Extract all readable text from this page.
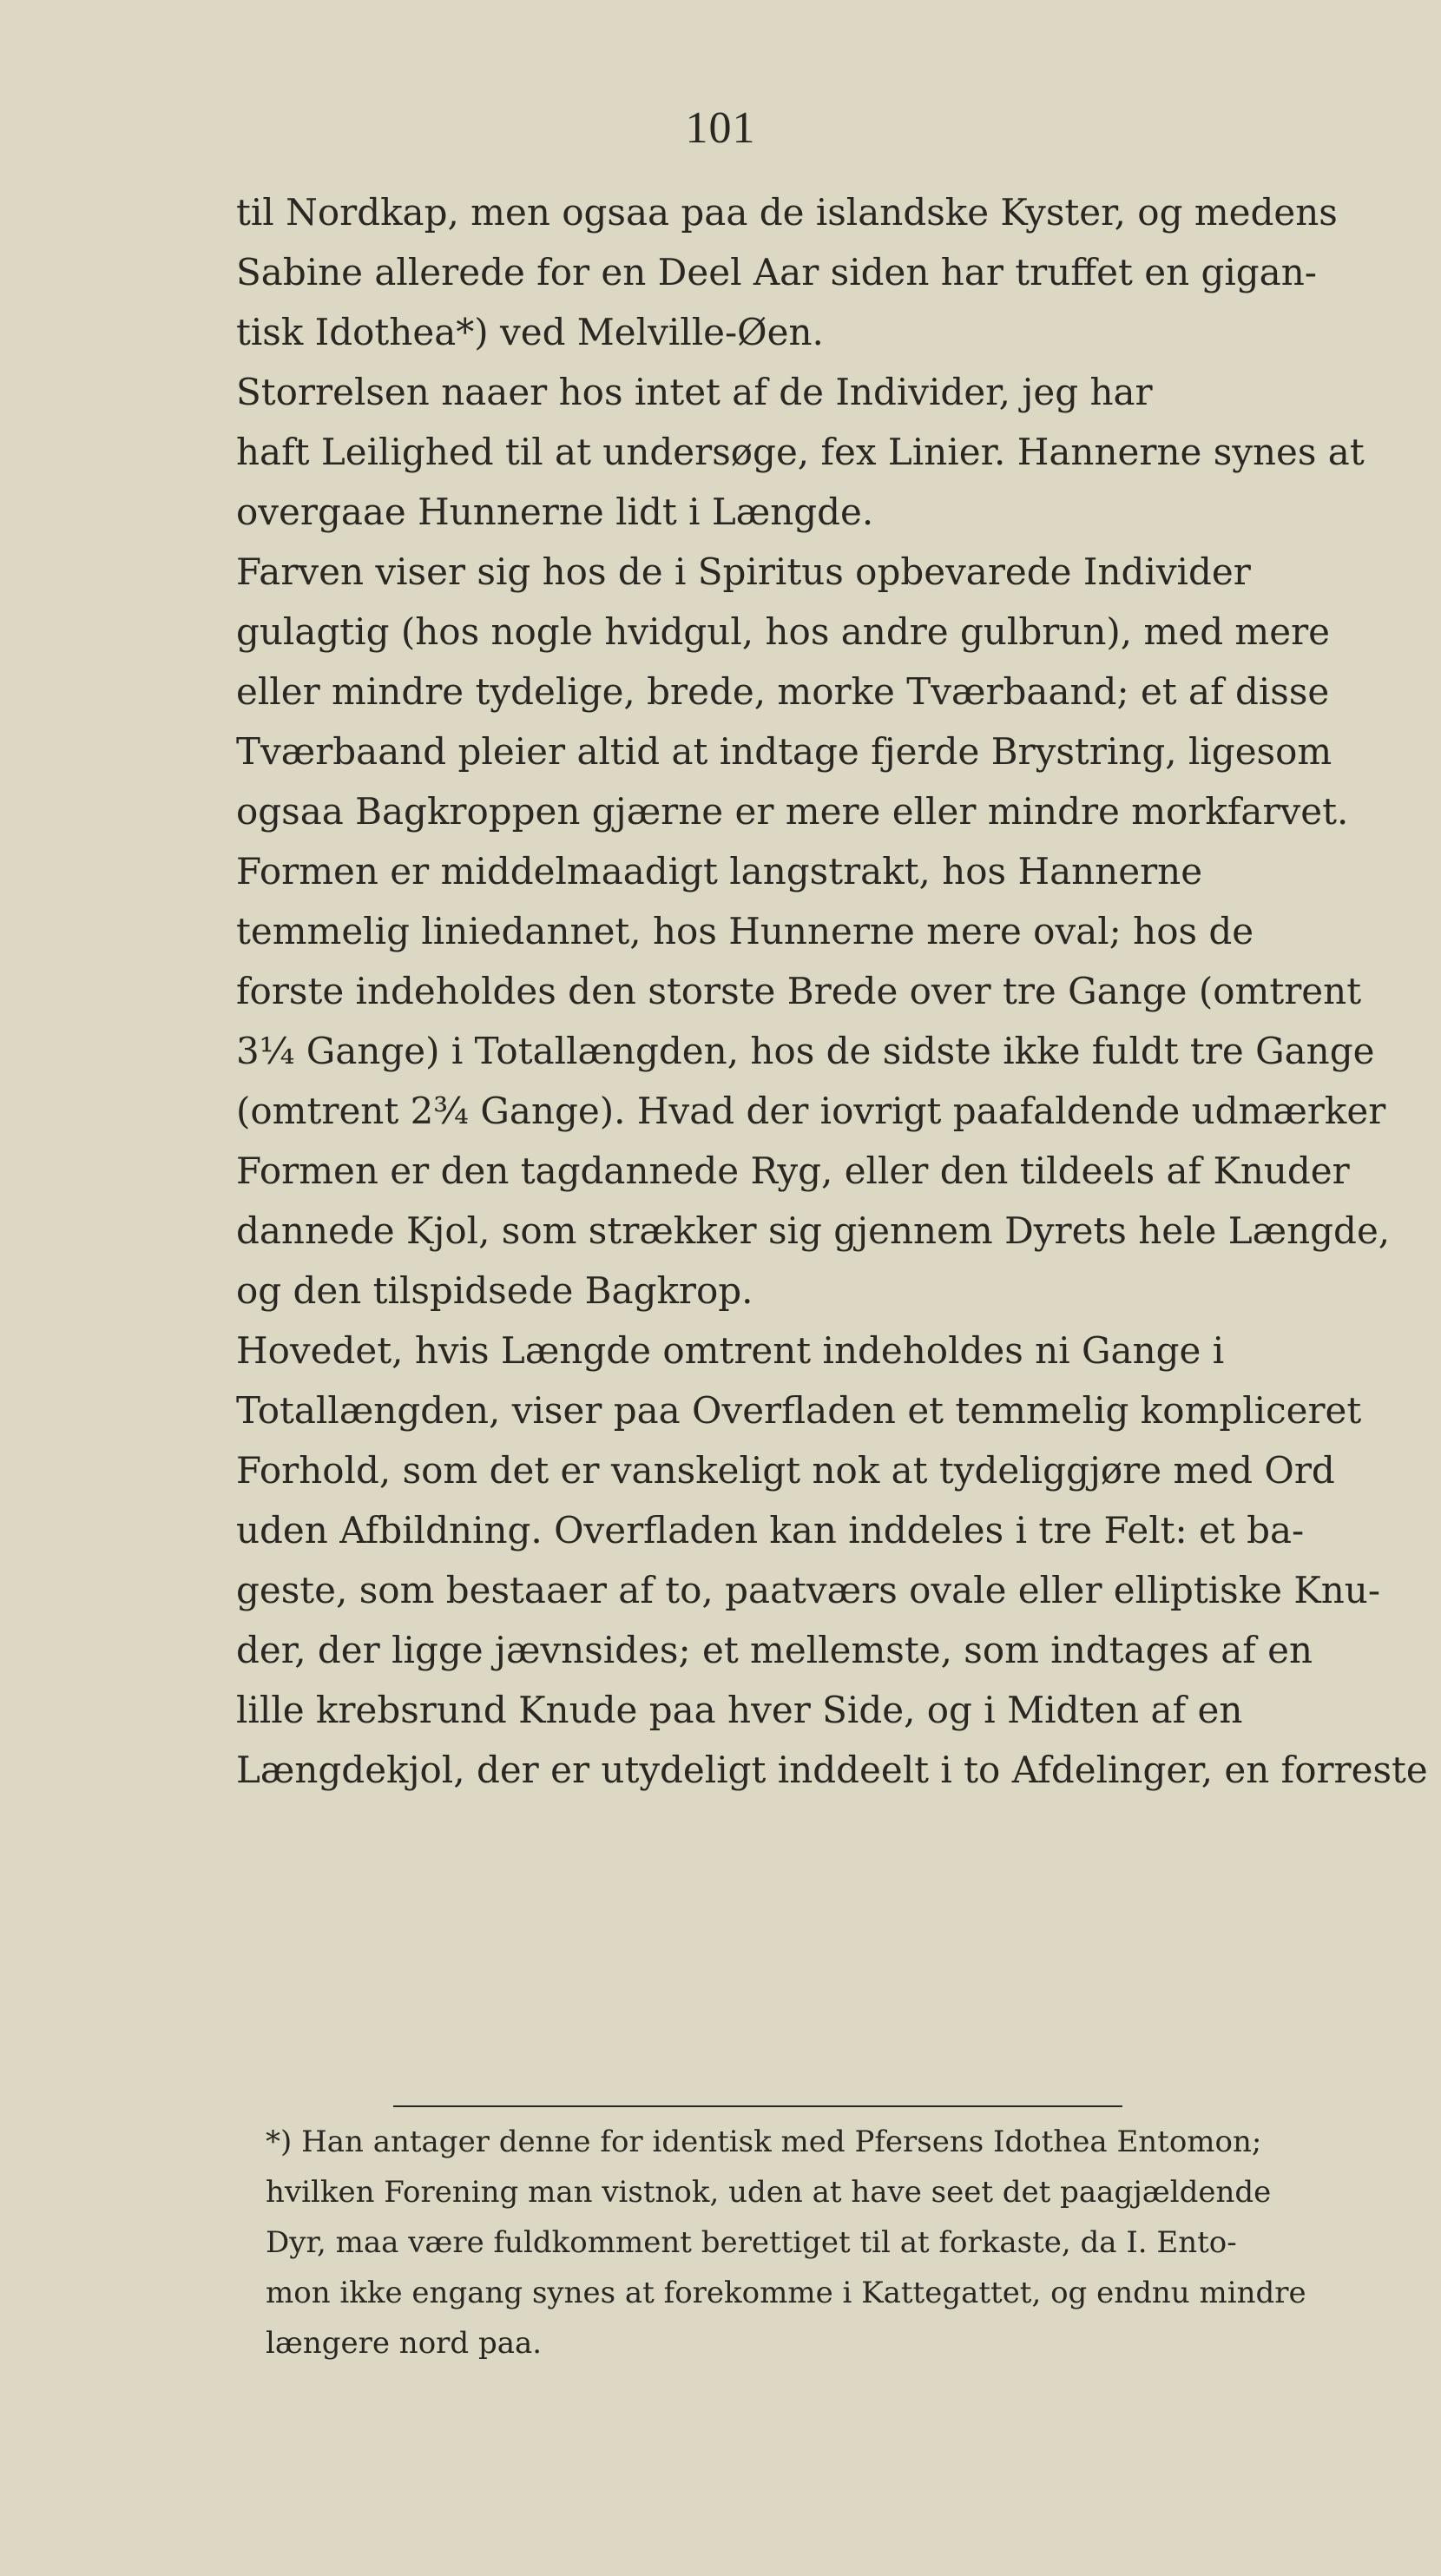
101
til Nordkap, men ogsaa paa de islandske Kyster, og medens
Sabine allerede for en Deel Aar siden har truffet en gigan-
tisk Idothea*) ved Melville-Øen.
Storrelsen naaer hos intet af de Individer, jeg har
haft Leilighed til at undersøge, fex Linier. Hannerne synes at
overgaae Hunnerne lidt i Længde.
Farven viser sig hos de i Spiritus opbevarede Individer
gulagtig (hos nogle hvidgul, hos andre gulbrun), med mere
eller mindre tydelige, brede, morke Tværbaand; et af disse
Tværbaand pleier altid at indtage fjerde Brystring, ligesom
ogsaa Bagkroppen gjærne er mere eller mindre morkfarvet.
Formen er middelmaadigt langstrakt, hos Hannerne
temmelig liniedannet, hos Hunnerne mere oval; hos de
forste indeholdes den storste Brede over tre Gange (omtrent
3¼ Gange) i Totallængden, hos de sidste ikke fuldt tre Gange
(omtrent 2¾ Gange). Hvad der iovrigt paafaldende udmærker
Formen er den tagdannede Ryg, eller den tildeels af Knuder
dannede Kjol, som strækker sig gjennem Dyrets hele Længde,
og den tilspidsede Bagkrop.
Hovedet, hvis Længde omtrent indeholdes ni Gange i
Totallængden, viser paa Overfladen et temmelig kompliceret
Forhold, som det er vanskeligt nok at tydeliggjøre med Ord
uden Afbildning. Overfladen kan inddeles i tre Felt: et ba-
geste, som bestaaer af to, paatværs ovale eller elliptiske Knu-
der, der ligge jævnsides; et mellemste, som indtages af en
lille krebsrund Knude paa hver Side, og i Midten af en
Længdekjol, der er utydeligt inddeelt i to Afdelinger, en forreste
*) Han antager denne for identisk med Pfersens Idothea Entomon;
hvilken Forening man vistnok, uden at have seet det paagjældende
Dyr, maa være fuldkomment berettiget til at forkaste, da I. Ento-
mon ikke engang synes at forekomme i Kattegattet, og endnu mindre
længere nord paa.
